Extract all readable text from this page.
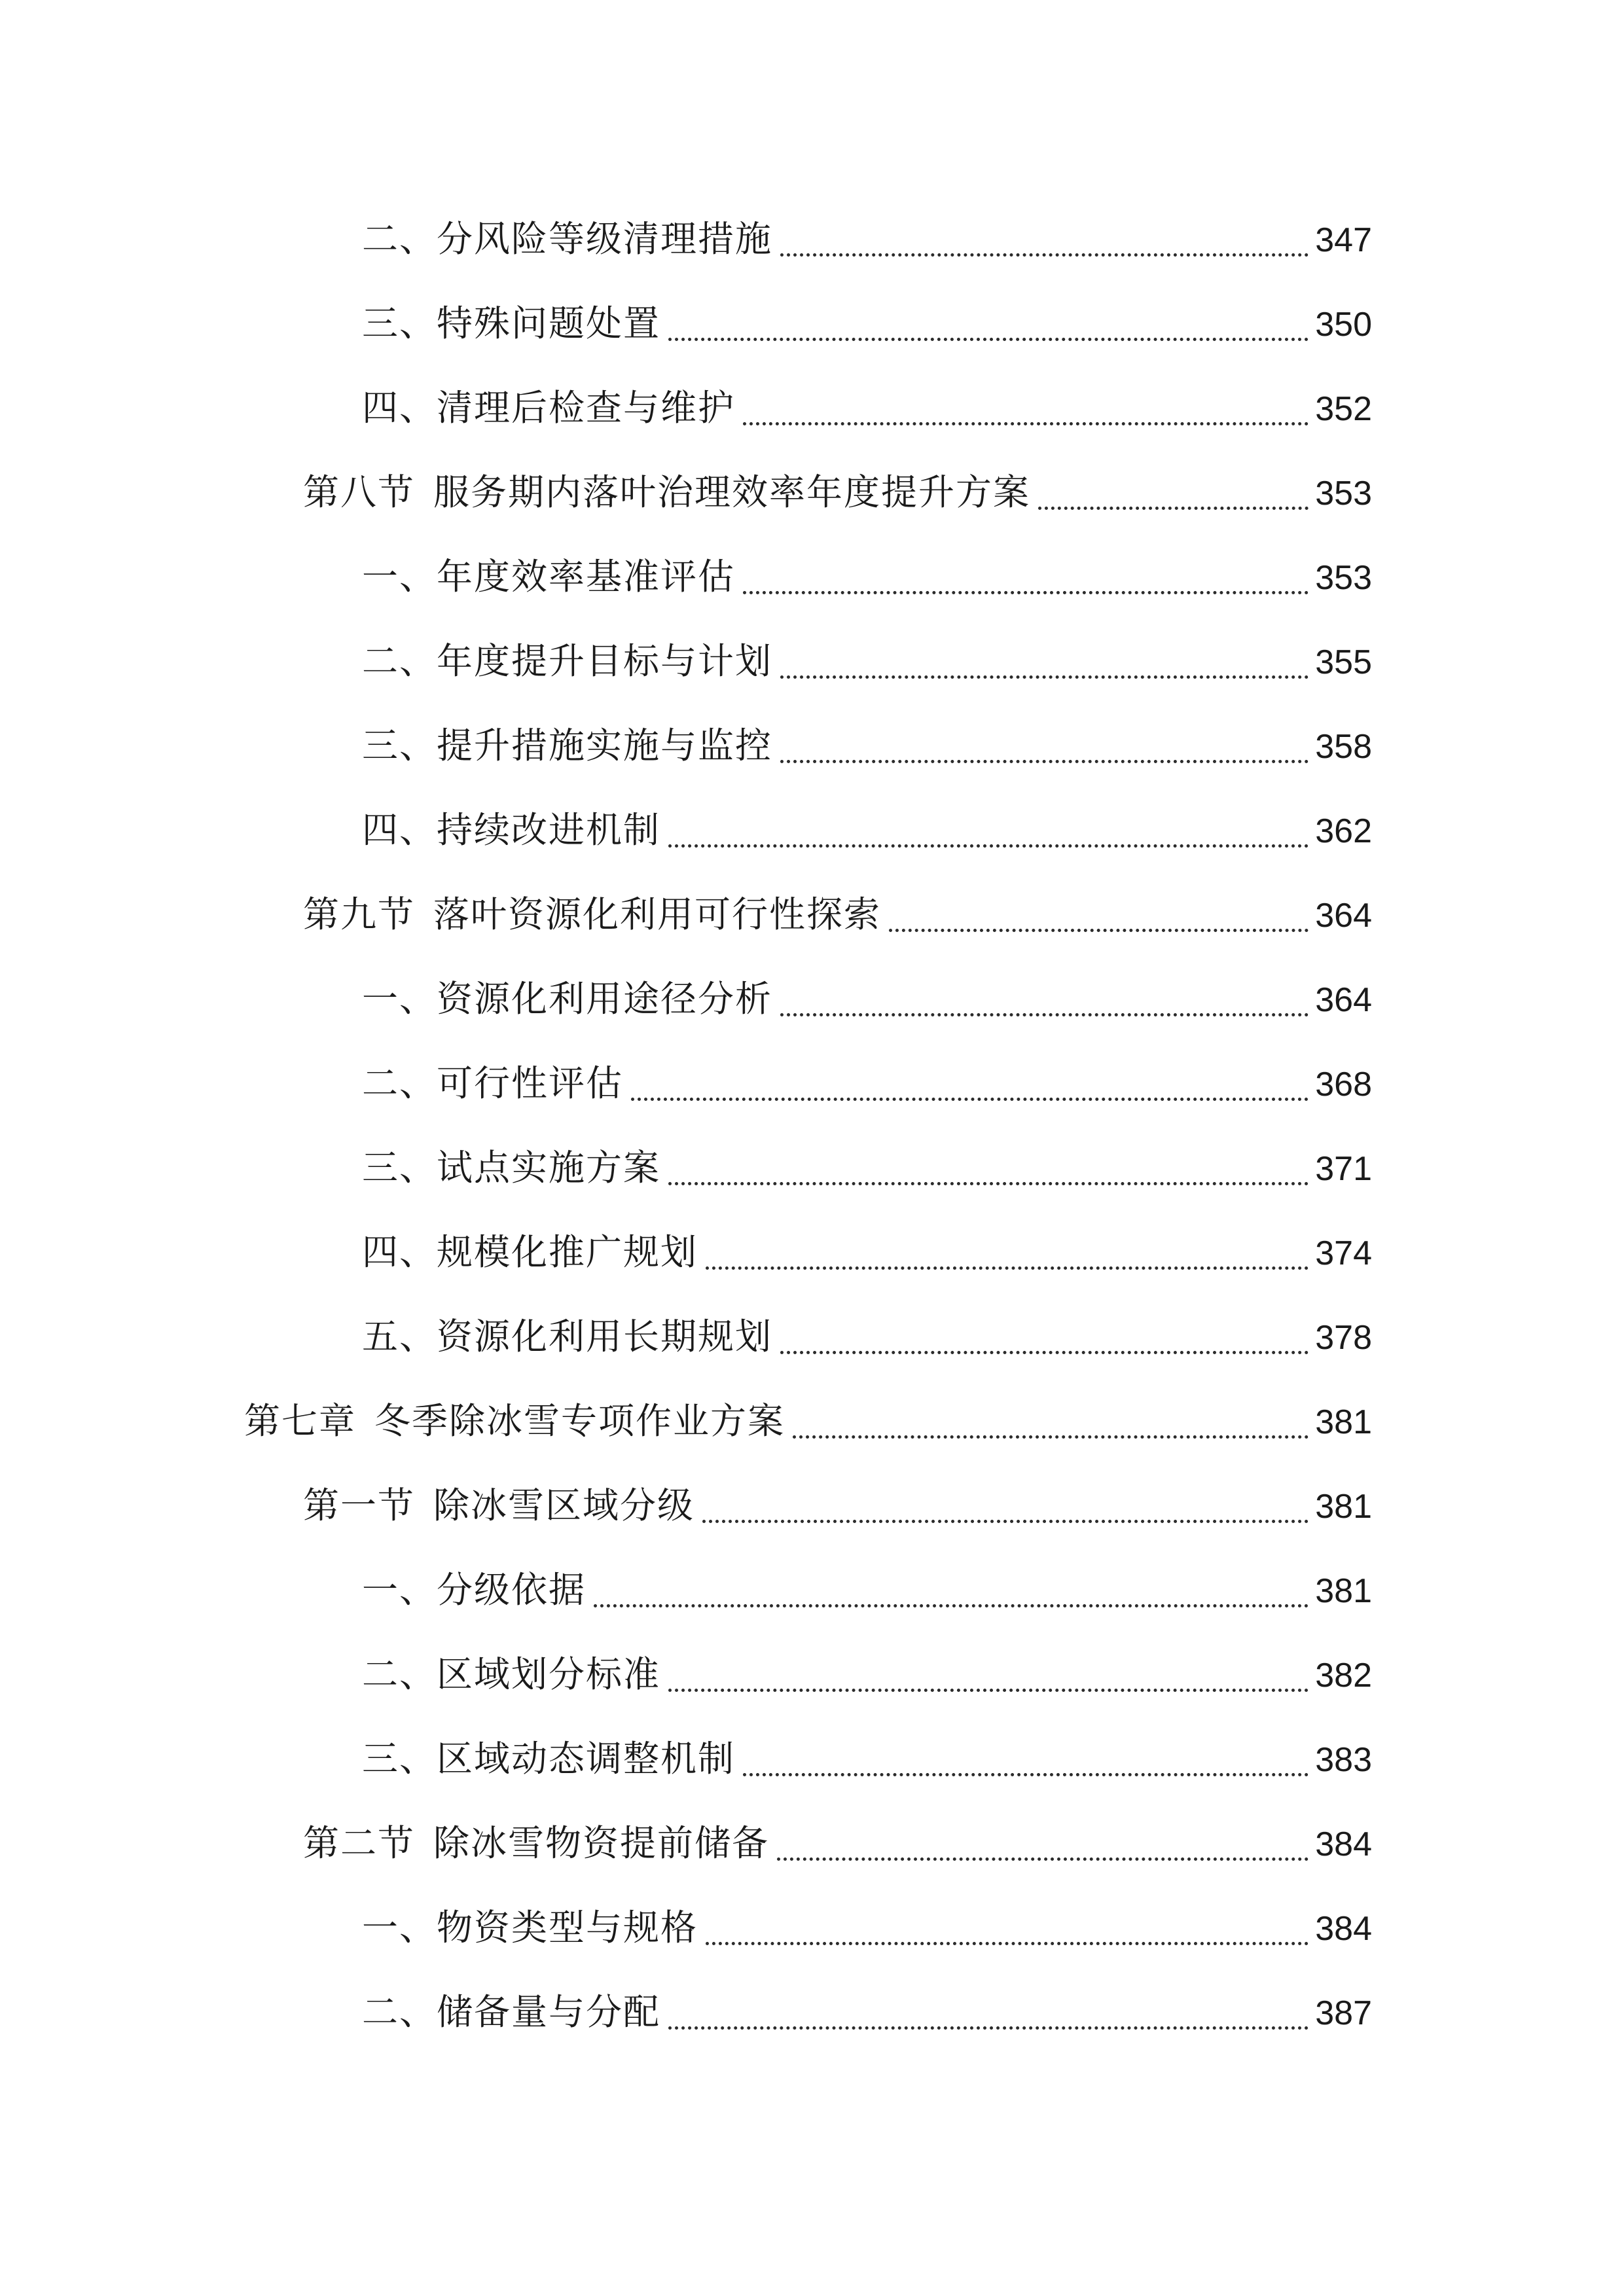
二、分风险等级清理措施	347
三、特殊问题处置	350
四、清理后检查与维护	352
第八节 服务期内落叶治理效率年度提升方案	353
一、年度效率基准评估	353
二、年度提升目标与计划	355
三、提升措施实施与监控	358
四、持续改进机制	362
第九节 落叶资源化利用可行性探索	364
一、资源化利用途径分析	364
二、可行性评估	368
三、试点实施方案	371
四、规模化推广规划	374
五、资源化利用长期规划	378
第七章 冬季除冰雪专项作业方案	381
第一节 除冰雪区域分级	381
一、分级依据	381
二、区域划分标准	382
三、区域动态调整机制	383
第二节 除冰雪物资提前储备	384
一、物资类型与规格	384
二、储备量与分配	387
